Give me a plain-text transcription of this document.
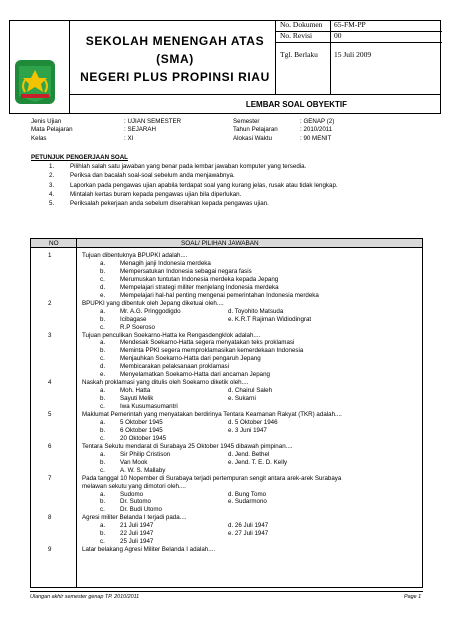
SEKOLAH MENENGAH ATAS
(SMA)
NEGERI PLUS PROPINSI RIAU
No. Dokumen 65-FM-PP
No. Revisi	00
Tgl. Berlaku 15 Juli 2009
LEMBAR SOAL OBYEKTIF
Jenis Ujian	: UJIAN SEMESTER
Mata Pelajaran	: SEJARAH
Kelas	: XI
Semester	: GENAP (2)
Tahun Pelajaran	: 2010/2011
Alokasi Waktu	: 90 MENIT
PETUNJUK PENGERJAAN SOAL
1.	Pilihlah salah satu jawaban yang benar pada lembar jawaban komputer yang tersedia.
2.	Periksa dan bacalah soal-soal sebelum anda menjawabnya.
3.	Laporkan pada pengawas ujian apabila terdapat soal yang kurang jelas, rusak atau tidak lengkap.
4.	Mintalah kertas buram kepada pengawas ujian bila diperlukan.
5.	Periksalah pekerjaan anda sebelum diserahkan kepada pengawas ujian.
NO	SOAL/ PILIHAN JAWABAN
1	Tujuan dibentuknya BPUPKI adalah....
a. Menagih janji Indonesia merdeka
b. Mempersatukan Indonesia sebagai negara fasis
c. Merumuskan tuntutan Indonesia merdeka kepada Jepang
d. Mempelajari strategi militer menjelang Indonesia merdeka
e. Mempelajari hal-hal penting mengenai pemerintahan Indonesia merdeka
2	BPUPKI yang dibentuk oleh Jepang diketuai oleh....
a. Mr. A.G. Pringgodigdo	d. Toyohito Matsuda
b. Icibagase	e. K.R.T Rajiman Widiodingrat
c. R.P Soeroso
3	Tujuan penculikan Soekarno-Hatta ke Rengasdengklok adalah....
a. Mendesak Soekarno-Hatta segera menyatakan teks proklamasi
b. Meminta PPKI segera memproklamasikan kemerdekaan Indonesia
c. Menjauhkan Soekarno-Hatta dari pengaruh Jepang
d. Membicarakan pelaksanaan proklamasi
e. Menyelamatkan Soekarno-Hatta dari ancaman Jepang
4	Naskah proklamasi yang ditulis oleh Soekarno diketik oleh....
a. Moh. Hatta	d. Chairul Saleh
b. Sayuti Melik	e. Sukarni
c. Iwa Kusumasumantri
5	Maklumat Pemerintah yang menyatakan berdirinya Tentara Keamanan Rakyat (TKR) adalah....
a. 5 Oktober 1945	d. 5 Oktober 1946
b. 6 Oktober 1945	e. 3 Juni 1947
c. 20 Oktober 1945
6	Tentara Sekutu mendarat di Surabaya 25 Oktober 1945 dibawah pimpinan....
a. Sir Philip Cristison	d. Jend. Bethel
b. Van Mook	e. Jend. T. E. D. Kelly
c. A. W. S. Mallaby
7	Pada tanggal 10 Nopember di Surabaya terjadi pertempuran sengit antara arek-arek Surabaya
melawan sekutu yang dimotori oleh....
a. Sudomo	d. Bung Tomo
b. Dr. Sutomo	e. Sudarmono
c. Dr. Budi Utomo
8	Agresi militer Belanda I terjadi pada....
a. 21 Juli 1947	d. 26 Juli 1947
b. 22 Juli 1947	e. 27 Juli 1947
c. 25 Juli 1947
9	Latar belakang Agresi Militer Belanda I adalah....
Ulangan akhir semester genap TP. 2010/2011	Page 1
